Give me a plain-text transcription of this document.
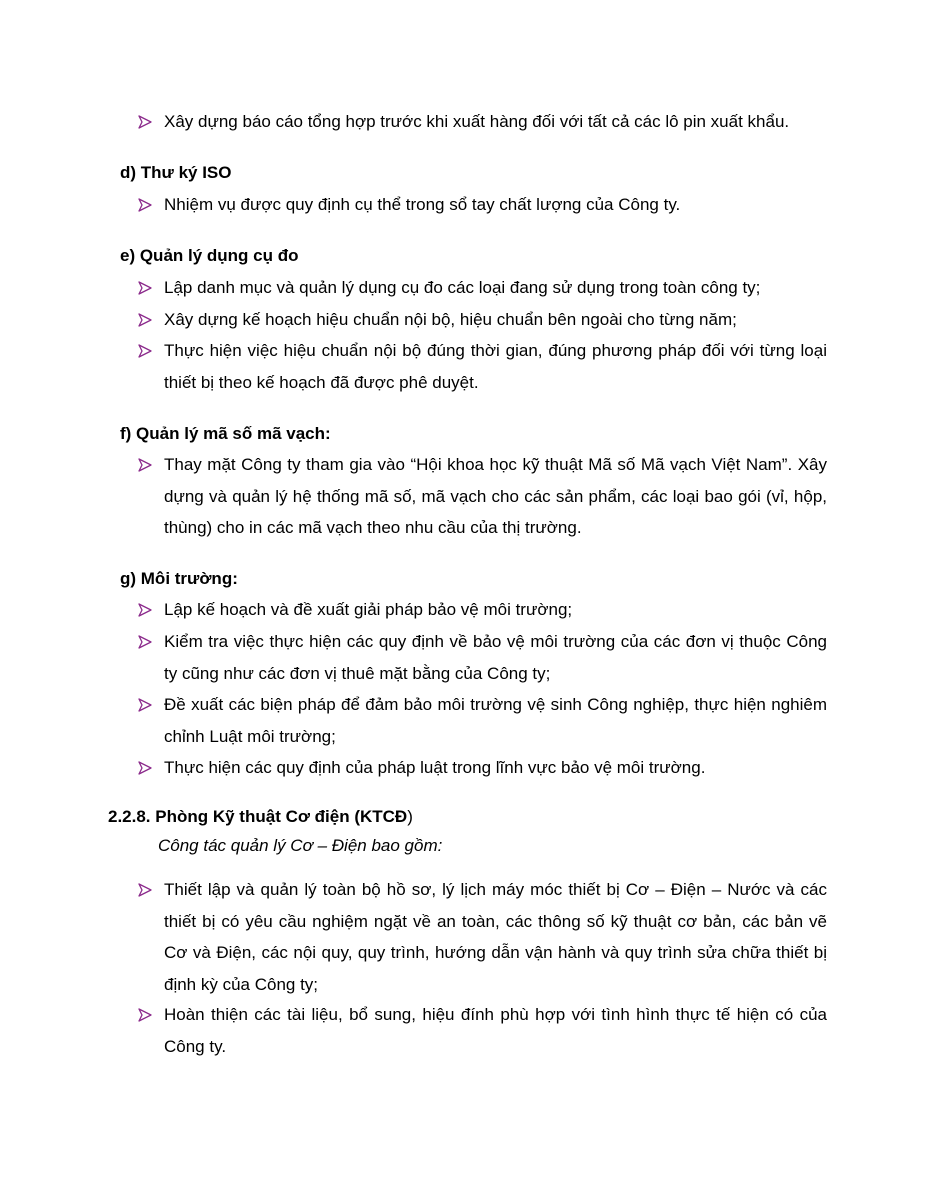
Xây dựng báo cáo tổng hợp trước khi xuất hàng đối với tất cả các lô pin xuất khẩu.
d) Thư ký ISO
Nhiệm vụ được quy định cụ thể trong sổ tay chất lượng của Công ty.
e) Quản lý dụng cụ đo
Lập danh mục và quản lý dụng cụ đo các loại đang sử dụng trong toàn công ty;
Xây dựng kế hoạch hiệu chuẩn nội bộ, hiệu chuẩn bên ngoài cho từng năm;
Thực hiện việc hiệu chuẩn nội bộ đúng thời gian, đúng phương pháp đối với từng loại thiết bị theo kế hoạch đã được phê duyệt.
f) Quản lý mã số mã vạch:
Thay mặt Công ty tham gia vào “Hội khoa học kỹ thuật Mã số Mã vạch Việt Nam”. Xây dựng và quản lý hệ thống mã số, mã vạch cho các sản phẩm, các loại bao gói (vỉ, hộp, thùng) cho in các mã vạch theo nhu cầu của thị trường.
g) Môi trường:
Lập kế hoạch và đề xuất giải pháp bảo vệ môi trường;
Kiểm tra việc thực hiện các quy định về bảo vệ môi trường của các đơn vị thuộc Công ty cũng như các đơn vị thuê mặt bằng của Công ty;
Đề xuất các biện pháp để đảm bảo môi trường vệ sinh Công nghiệp, thực hiện nghiêm chỉnh Luật môi trường;
Thực hiện các quy định của pháp luật trong lĩnh vực bảo vệ môi trường.
2.2.8. Phòng Kỹ thuật Cơ điện (KTCĐ)
Công tác quản lý Cơ – Điện bao gồm:
Thiết lập và quản lý toàn bộ hồ sơ, lý lịch máy móc thiết bị Cơ – Điện – Nước và các thiết bị có yêu cầu nghiệm ngặt về an toàn, các thông số kỹ thuật cơ bản, các bản vẽ Cơ và Điện, các nội quy, quy trình, hướng dẫn vận hành và quy trình sửa chữa thiết bị định kỳ của Công ty;
Hoàn thiện các tài liệu, bổ sung, hiệu đính phù hợp với tình hình thực tế hiện có của Công ty.
